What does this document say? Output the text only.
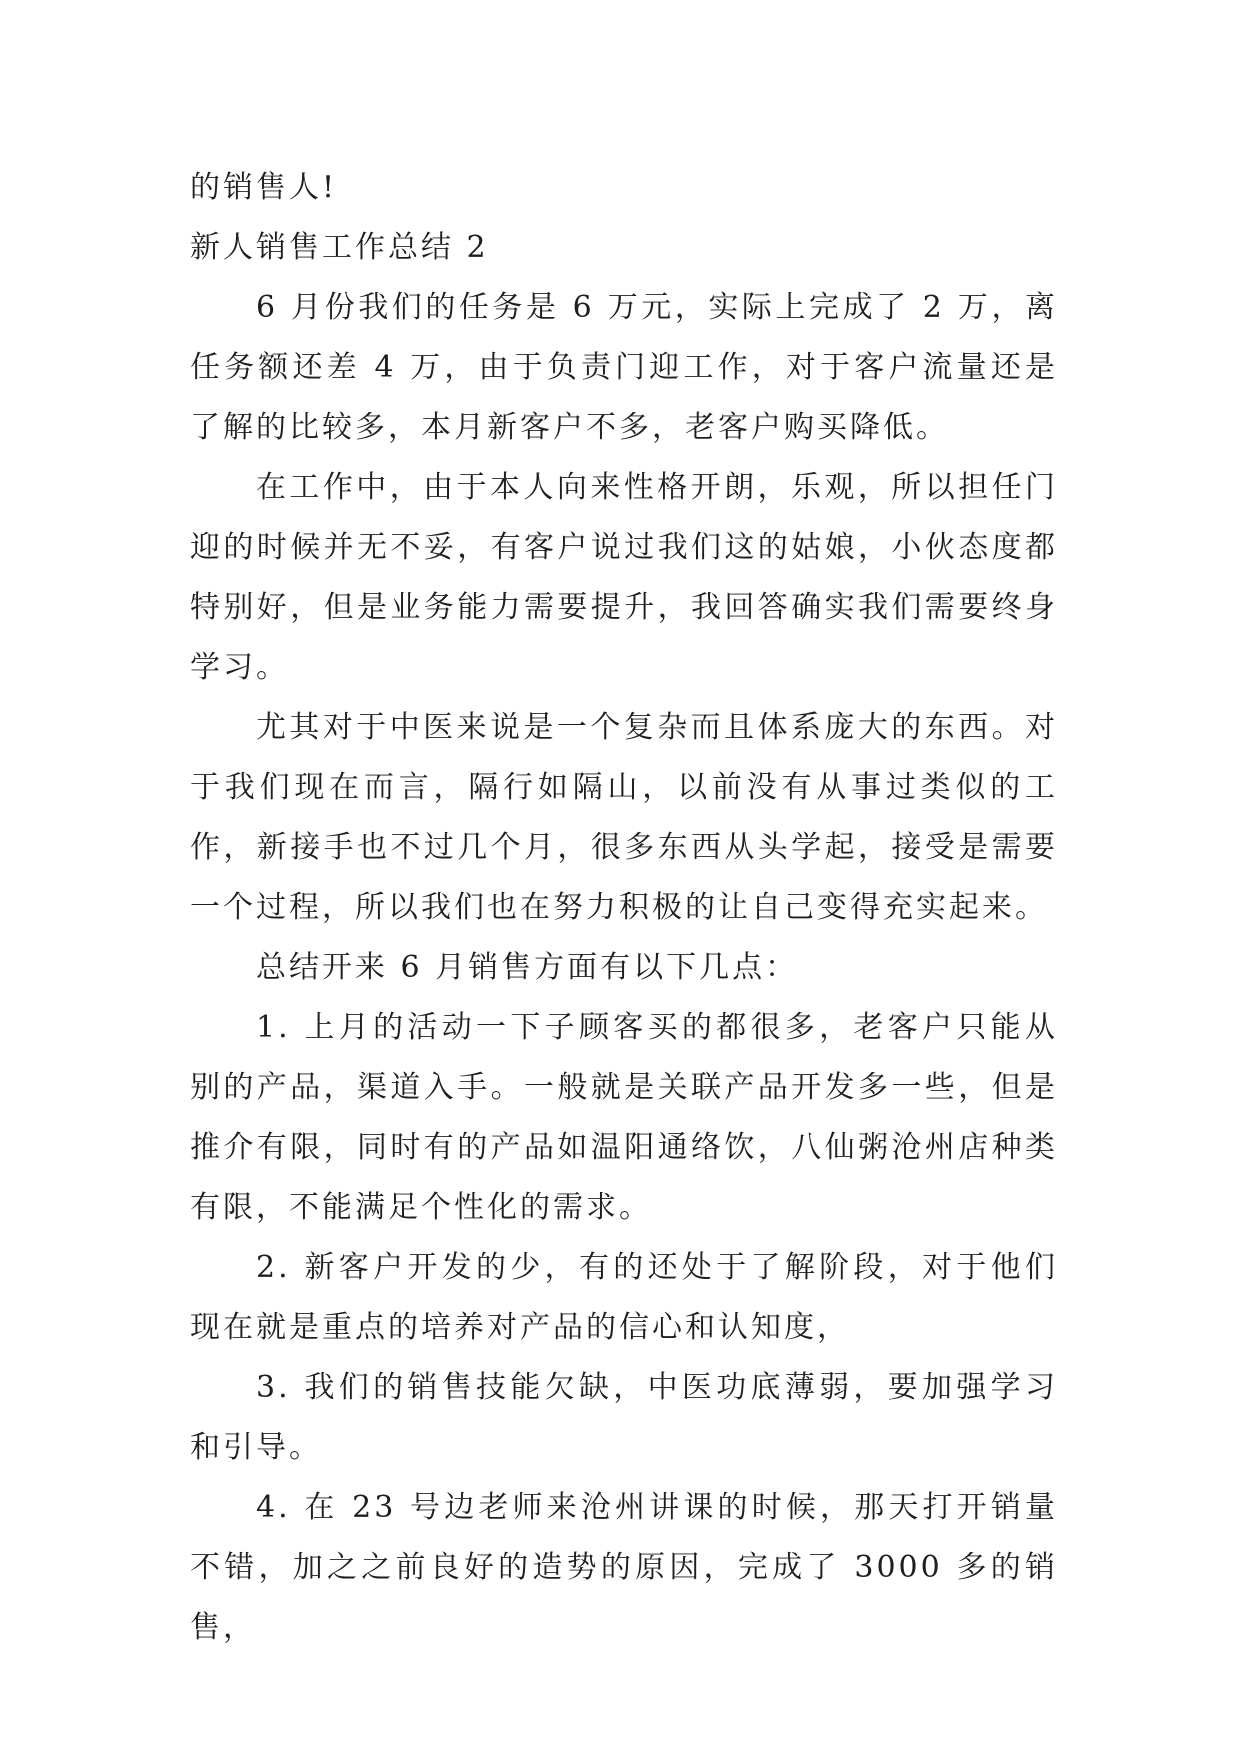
的销售人!

新人销售工作总结 2

6 月份我们的任务是 6 万元，实际上完成了 2 万，离任务额还差 4 万，由于负责门迎工作，对于客户流量还是了解的比较多，本月新客户不多，老客户购买降低。

在工作中，由于本人向来性格开朗，乐观，所以担任门迎的时候并无不妥，有客户说过我们这的姑娘，小伙态度都特别好，但是业务能力需要提升，我回答确实我们需要终身学习。

尤其对于中医来说是一个复杂而且体系庞大的东西。对于我们现在而言，隔行如隔山，以前没有从事过类似的工作，新接手也不过几个月，很多东西从头学起，接受是需要一个过程，所以我们也在努力积极的让自己变得充实起来。

总结开来 6 月销售方面有以下几点：

1. 上月的活动一下子顾客买的都很多，老客户只能从别的产品，渠道入手。一般就是关联产品开发多一些，但是推介有限，同时有的产品如温阳通络饮，八仙粥沧州店种类有限，不能满足个性化的需求。

2. 新客户开发的少，有的还处于了解阶段，对于他们现在就是重点的培养对产品的信心和认知度，

3. 我们的销售技能欠缺，中医功底薄弱，要加强学习和引导。

4. 在 23 号边老师来沧州讲课的时候，那天打开销量不错，加之之前良好的造势的原因，完成了 3000 多的销售，
